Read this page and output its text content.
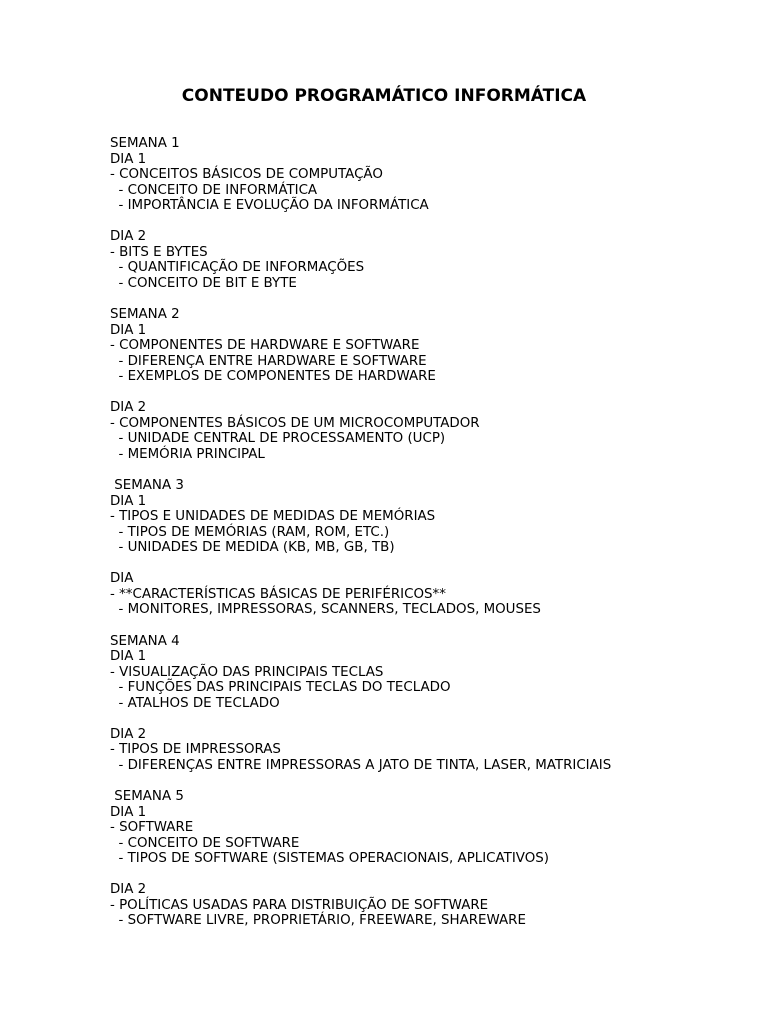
CONTEUDO PROGRAMÁTICO INFORMÁTICA
SEMANA 1
DIA 1
- CONCEITOS BÁSICOS DE COMPUTAÇÃO
- CONCEITO DE INFORMÁTICA
- IMPORTÂNCIA E EVOLUÇÃO DA INFORMÁTICA
DIA 2
- BITS E BYTES
- QUANTIFICAÇÃO DE INFORMAÇÕES
- CONCEITO DE BIT E BYTE
SEMANA 2
DIA 1
- COMPONENTES DE HARDWARE E SOFTWARE
- DIFERENÇA ENTRE HARDWARE E SOFTWARE
- EXEMPLOS DE COMPONENTES DE HARDWARE
DIA 2
- COMPONENTES BÁSICOS DE UM MICROCOMPUTADOR
- UNIDADE CENTRAL DE PROCESSAMENTO (UCP)
- MEMÓRIA PRINCIPAL
SEMANA 3
DIA 1
- TIPOS E UNIDADES DE MEDIDAS DE MEMÓRIAS
- TIPOS DE MEMÓRIAS (RAM, ROM, ETC.)
- UNIDADES DE MEDIDA (KB, MB, GB, TB)
DIA
- **CARACTERÍSTICAS BÁSICAS DE PERIFÉRICOS**
- MONITORES, IMPRESSORAS, SCANNERS, TECLADOS, MOUSES
SEMANA 4
DIA 1
- VISUALIZAÇÃO DAS PRINCIPAIS TECLAS
- FUNÇÕES DAS PRINCIPAIS TECLAS DO TECLADO
- ATALHOS DE TECLADO
DIA 2
- TIPOS DE IMPRESSORAS
- DIFERENÇAS ENTRE IMPRESSORAS A JATO DE TINTA, LASER, MATRICIAIS
SEMANA 5
DIA 1
- SOFTWARE
- CONCEITO DE SOFTWARE
- TIPOS DE SOFTWARE (SISTEMAS OPERACIONAIS, APLICATIVOS)
DIA 2
- POLÍTICAS USADAS PARA DISTRIBUIÇÃO DE SOFTWARE
- SOFTWARE LIVRE, PROPRIETÁRIO, FREEWARE, SHAREWARE
